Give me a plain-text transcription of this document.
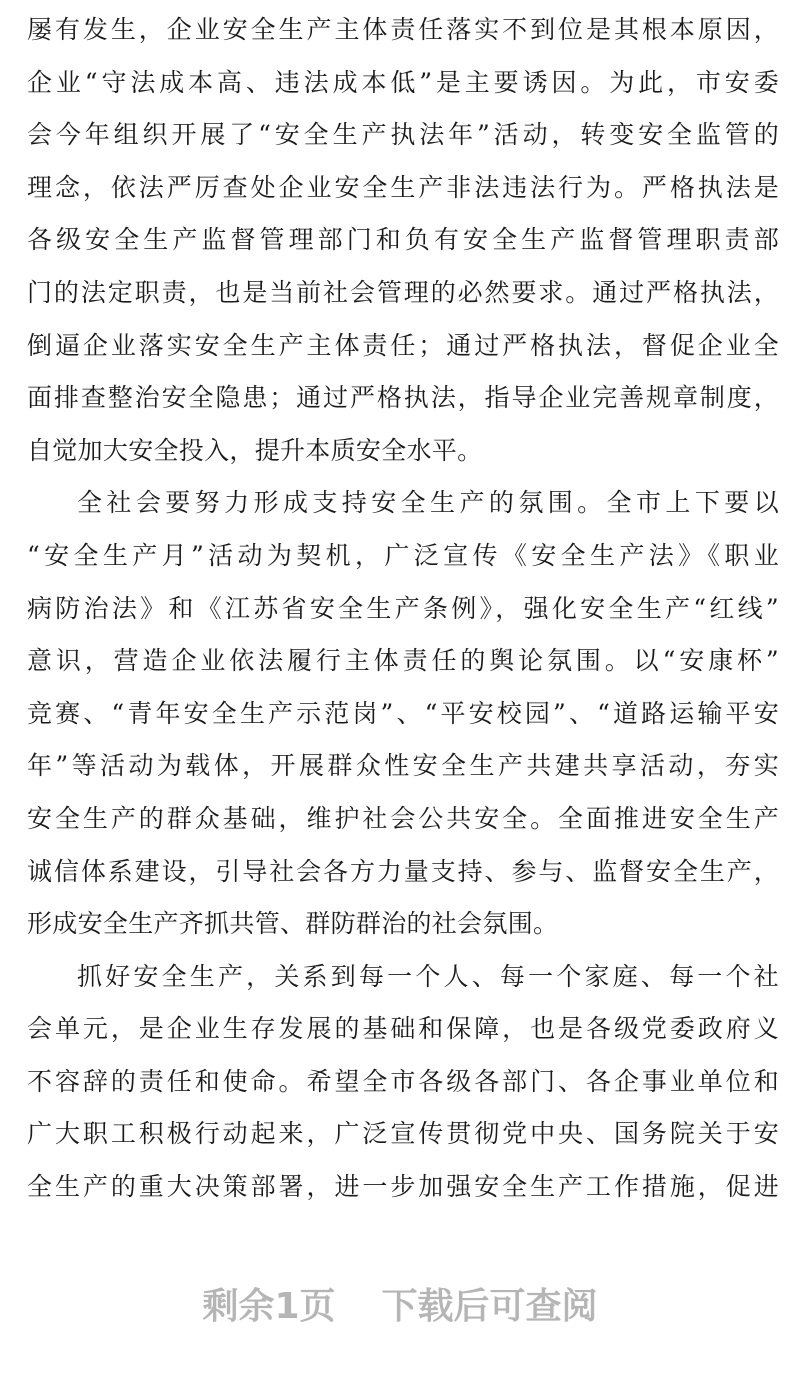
屡有发生，企业安全生产主体责任落实不到位是其根本原因，
企业“守法成本高、违法成本低”是主要诱因。为此，市安委
会今年组织开展了“安全生产执法年”活动，转变安全监管的
理念，依法严厉查处企业安全生产非法违法行为。严格执法是
各级安全生产监督管理部门和负有安全生产监督管理职责部
门的法定职责，也是当前社会管理的必然要求。通过严格执法，
倒逼企业落实安全生产主体责任；通过严格执法，督促企业全
面排查整治安全隐患；通过严格执法，指导企业完善规章制度，
自觉加大安全投入，提升本质安全水平。
全社会要努力形成支持安全生产的氛围。全市上下要以
“安全生产月”活动为契机，广泛宣传《安全生产法》《职业
病防治法》和《江苏省安全生产条例》，强化安全生产“红线”
意识，营造企业依法履行主体责任的舆论氛围。以“安康杯”
竞赛、“青年安全生产示范岗”、“平安校园”、“道路运输平安
年”等活动为载体，开展群众性安全生产共建共享活动，夯实
安全生产的群众基础，维护社会公共安全。全面推进安全生产
诚信体系建设，引导社会各方力量支持、参与、监督安全生产，
形成安全生产齐抓共管、群防群治的社会氛围。
抓好安全生产，关系到每一个人、每一个家庭、每一个社
会单元，是企业生存发展的基础和保障，也是各级党委政府义
不容辞的责任和使命。希望全市各级各部门、各企事业单位和
广大职工积极行动起来，广泛宣传贯彻党中央、国务院关于安
全生产的重大决策部署，进一步加强安全生产工作措施，促进
剩余1页 下载后可查阅
